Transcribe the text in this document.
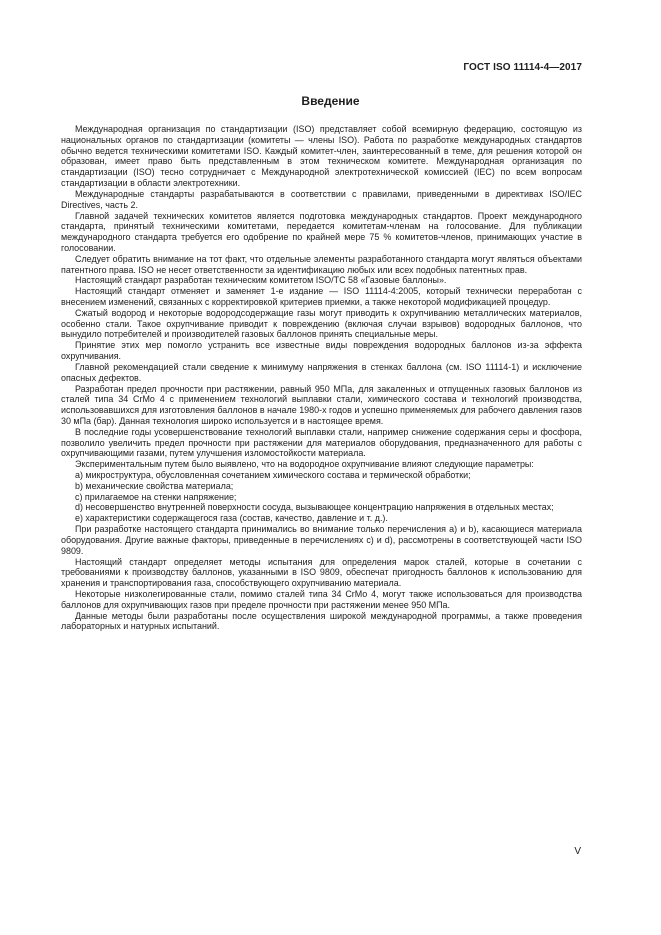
ГОСТ ISO 11114-4—2017
Введение

Международная организация по стандартизации (ISO) представляет собой всемирную федерацию, состоящую из национальных органов по стандартизации (комитеты — члены ISO). Работа по разработке международных стандартов обычно ведется техническими комитетами ISO. Каждый комитет-член, заинтересованный в теме, для решения которой он образован, имеет право быть представленным в этом техническом комитете. Международная организация по стандартизации (ISO) тесно сотрудничает с Международной электротехнической комиссией (IEC) по всем вопросам стандартизации в области электротехники.

Международные стандарты разрабатываются в соответствии с правилами, приведенными в директивах ISO/IEC Directives, часть 2.

Главной задачей технических комитетов является подготовка международных стандартов. Проект международного стандарта, принятый техническими комитетами, передается комитетам-членам на голосование. Для публикации международного стандарта требуется его одобрение по крайней мере 75 % комитетов-членов, принимающих участие в голосовании.

Следует обратить внимание на тот факт, что отдельные элементы разработанного стандарта могут являться объектами патентного права. ISO не несет ответственности за идентификацию любых или всех подобных патентных прав.

Настоящий стандарт разработан техническим комитетом ISO/TC 58 «Газовые баллоны».

Настоящий стандарт отменяет и заменяет 1-е издание — ISO 11114-4:2005, который технически переработан с внесением изменений, связанных с корректировкой критериев приемки, а также некоторой модификацией процедур.

Сжатый водород и некоторые водородсодержащие газы могут приводить к охрупчиванию металлических материалов, особенно стали. Такое охрупчивание приводит к повреждению (включая случаи взрывов) водородных баллонов, что вынудило потребителей и производителей газовых баллонов принять специальные меры.

Принятие этих мер помогло устранить все известные виды повреждения водородных баллонов из-за эффекта охрупчивания.

Главной рекомендацией стали сведение к минимуму напряжения в стенках баллона (см. ISO 11114-1) и исключение опасных дефектов.

Разработан предел прочности при растяжении, равный 950 МПа, для закаленных и отпущенных газовых баллонов из сталей типа 34 CrMo 4 с применением технологий выплавки стали, химического состава и технологий производства, использовавшихся для изготовления баллонов в начале 1980-х годов и успешно применяемых для рабочего давления газов 30 мПа (бар). Данная технология широко используется и в настоящее время.

В последние годы усовершенствование технологий выплавки стали, например снижение содержания серы и фосфора, позволило увеличить предел прочности при растяжении для материалов оборудования, предназначенного для работы с охрупчивающими газами, путем улучшения изломостойкости материала.

Экспериментальным путем было выявлено, что на водородное охрупчивание влияют следующие параметры:

a) микроструктура, обусловленная сочетанием химического состава и термической обработки;

b) механические свойства материала;

c) прилагаемое на стенки напряжение;

d) несовершенство внутренней поверхности сосуда, вызывающее концентрацию напряжения в отдельных местах;

e) характеристики содержащегося газа (состав, качество, давление и т. д.).

При разработке настоящего стандарта принимались во внимание только перечисления а) и b), касающиеся материала оборудования. Другие важные факторы, приведенные в перечислениях с) и d), рассмотрены в соответствующей части ISO 9809.

Настоящий стандарт определяет методы испытания для определения марок сталей, которые в сочетании с требованиями к производству баллонов, указанными в ISO 9809, обеспечат пригодность баллонов к использованию для хранения и транспортирования газа, способствующего охрупчиванию материала.

Некоторые низколегированные стали, помимо сталей типа 34 CrMo 4, могут также использоваться для производства баллонов для охрупчивающих газов при пределе прочности при растяжении менее 950 МПа.

Данные методы были разработаны после осуществления широкой международной программы, а также проведения лабораторных и натурных испытаний.

V
